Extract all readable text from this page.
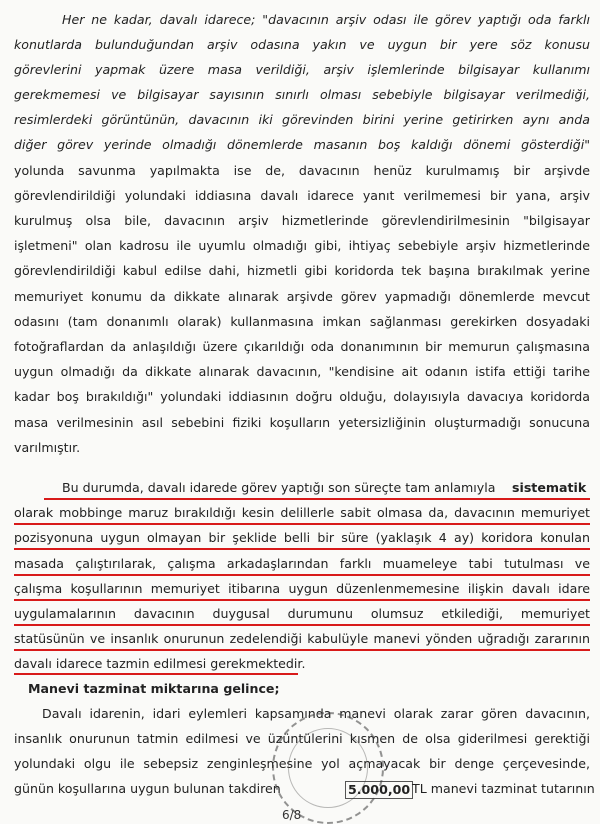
Her ne kadar, davalı idarece; "davacının arşiv odası ile görev yaptığı oda farklı
konutlarda bulunduğundan arşiv odasına yakın ve uygun bir yere söz konusu
görevlerini yapmak üzere masa verildiği, arşiv işlemlerinde bilgisayar kullanımı
gerekmemesi ve bilgisayar sayısının sınırlı olması sebebiyle bilgisayar verilmediği,
resimlerdeki görüntünün, davacının iki görevinden birini yerine getirirken aynı anda
diğer görev yerinde olmadığı dönemlerde masanın boş kaldığı dönemi gösterdiği"
yolunda savunma yapılmakta ise de, davacının henüz kurulmamış bir arşivde
görevlendirildiği yolundaki iddiasına davalı idarece yanıt verilmemesi bir yana, arşiv
kurulmuş olsa bile, davacının arşiv hizmetlerinde görevlendirilmesinin "bilgisayar
işletmeni" olan kadrosu ile uyumlu olmadığı gibi, ihtiyaç sebebiyle arşiv hizmetlerinde
görevlendirildiği kabul edilse dahi, hizmetli gibi koridorda tek başına bırakılmak yerine
memuriyet konumu da dikkate alınarak arşivde görev yapmadığı dönemlerde mevcut
odasını (tam donanımlı olarak) kullanmasına imkan sağlanması gerekirken dosyadaki
fotoğraflardan da anlaşıldığı üzere çıkarıldığı oda donanımının bir memurun çalışmasına
uygun olmadığı da dikkate alınarak davacının, "kendisine ait odanın istifa ettiği tarihe
kadar boş bırakıldığı" yolundaki iddiasının doğru olduğu, dolayısıyla davacıya koridorda
masa verilmesinin asıl sebebini fiziki koşulların yetersizliğinin oluşturmadığı sonucuna
varılmıştır.
Bu durumda, davalı idarede görev yaptığı son süreçte tam anlamıyla sistematik
olarak mobbinge maruz bırakıldığı kesin delillerle sabit olmasa da, davacının memuriyet
pozisyonuna uygun olmayan bir şeklide belli bir süre (yaklaşık 4 ay) koridora konulan
masada çalıştırılarak, çalışma arkadaşlarından farklı muameleye tabi tutulması ve
çalışma koşullarının memuriyet itibarına uygun düzenlenmemesine ilişkin davalı idare
uygulamalarının davacının duygusal durumunu olumsuz etkilediği, memuriyet
statüsünün ve insanlık onurunun zedelendiği kabulüyle manevi yönden uğradığı zararının
davalı idarece tazmin edilmesi gerekmektedir.
Manevi tazminat miktarına gelince;
Davalı idarenin, idari eylemleri kapsamında manevi olarak zarar gören davacının,
insanlık onurunun tatmin edilmesi ve üzüntülerini kısmen de olsa giderilmesi gerektiği
yolundaki olgu ile sebepsiz zenginleşmesine yol açmayacak bir denge çerçevesinde,
günün koşullarına uygun bulunan takdiren	5.000,00 TL manevi tazminat tutarının
6/8
